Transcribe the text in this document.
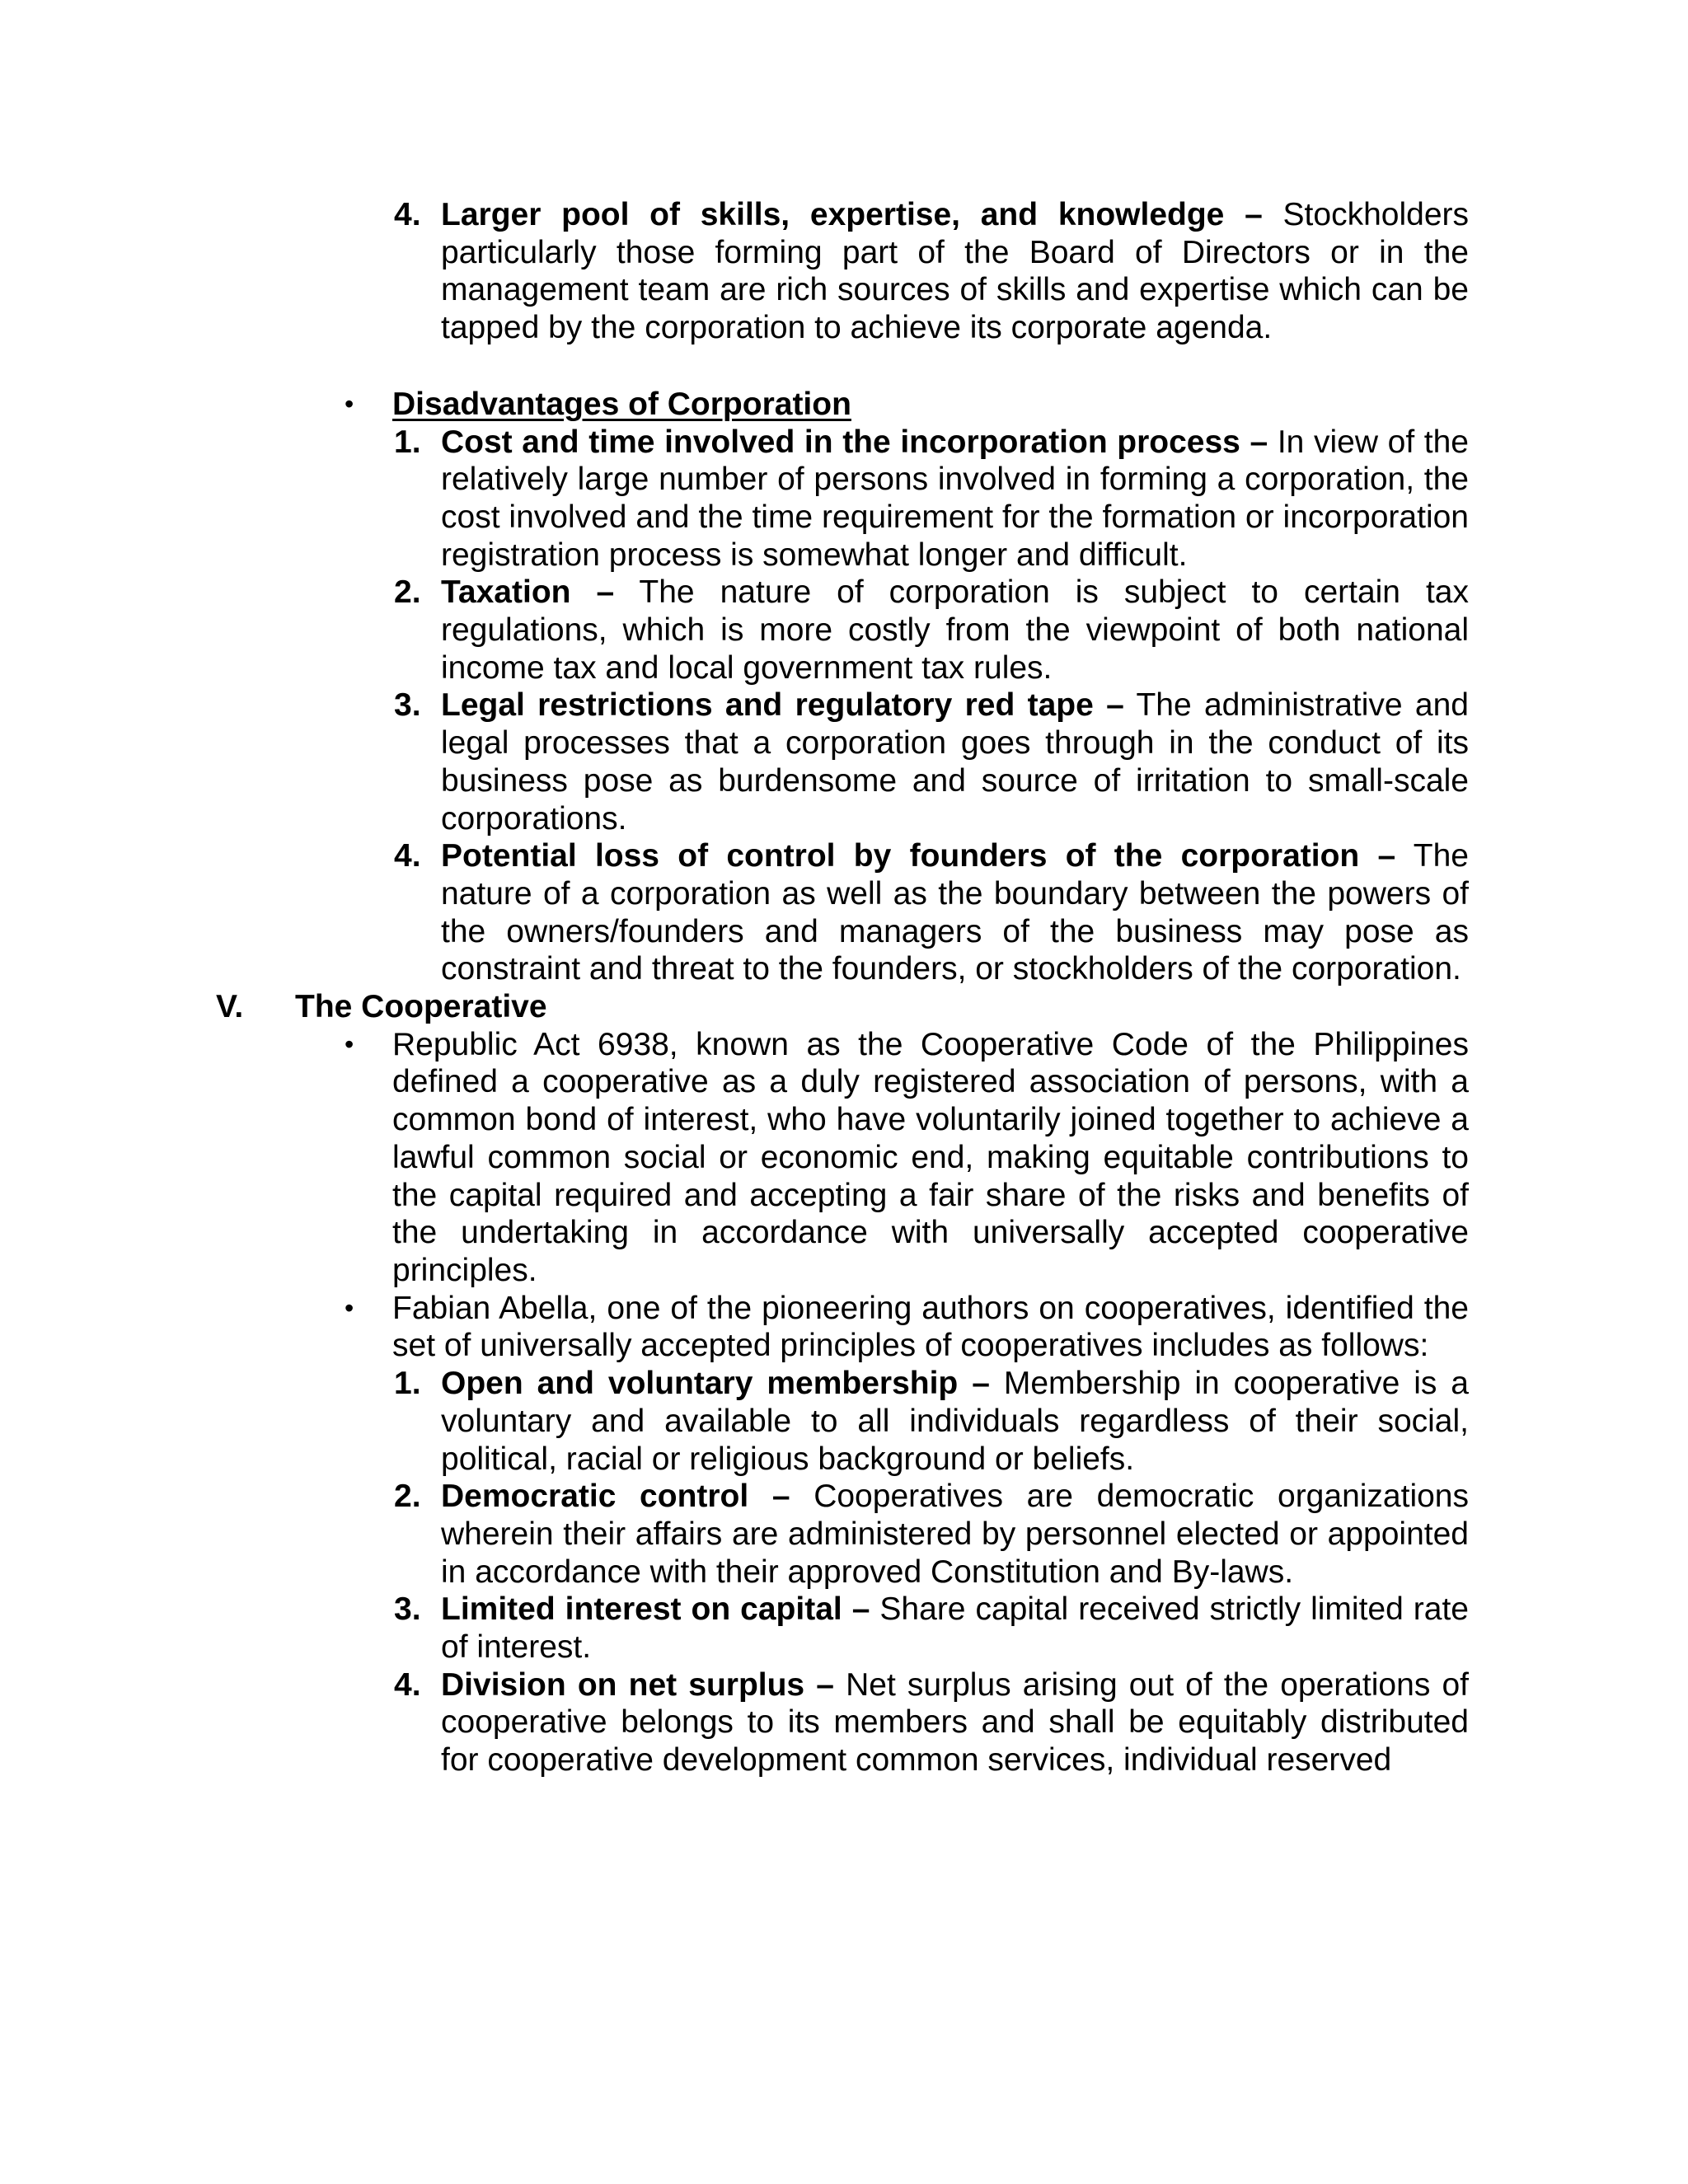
4. Larger pool of skills, expertise, and knowledge – Stockholders particularly those forming part of the Board of Directors or in the management team are rich sources of skills and expertise which can be tapped by the corporation to achieve its corporate agenda.
• Disadvantages of Corporation
1. Cost and time involved in the incorporation process – In view of the relatively large number of persons involved in forming a corporation, the cost involved and the time requirement for the formation or incorporation registration process is somewhat longer and difficult.
2. Taxation – The nature of corporation is subject to certain tax regulations, which is more costly from the viewpoint of both national income tax and local government tax rules.
3. Legal restrictions and regulatory red tape – The administrative and legal processes that a corporation goes through in the conduct of its business pose as burdensome and source of irritation to small-scale corporations.
4. Potential loss of control by founders of the corporation – The nature of a corporation as well as the boundary between the powers of the owners/founders and managers of the business may pose as constraint and threat to the founders, or stockholders of the corporation.
V. The Cooperative
• Republic Act 6938, known as the Cooperative Code of the Philippines defined a cooperative as a duly registered association of persons, with a common bond of interest, who have voluntarily joined together to achieve a lawful common social or economic end, making equitable contributions to the capital required and accepting a fair share of the risks and benefits of the undertaking in accordance with universally accepted cooperative principles.
• Fabian Abella, one of the pioneering authors on cooperatives, identified the set of universally accepted principles of cooperatives includes as follows:
1. Open and voluntary membership – Membership in cooperative is a voluntary and available to all individuals regardless of their social, political, racial or religious background or beliefs.
2. Democratic control – Cooperatives are democratic organizations wherein their affairs are administered by personnel elected or appointed in accordance with their approved Constitution and By-laws.
3. Limited interest on capital – Share capital received strictly limited rate of interest.
4. Division on net surplus – Net surplus arising out of the operations of cooperative belongs to its members and shall be equitably distributed for cooperative development common services, individual reserved
